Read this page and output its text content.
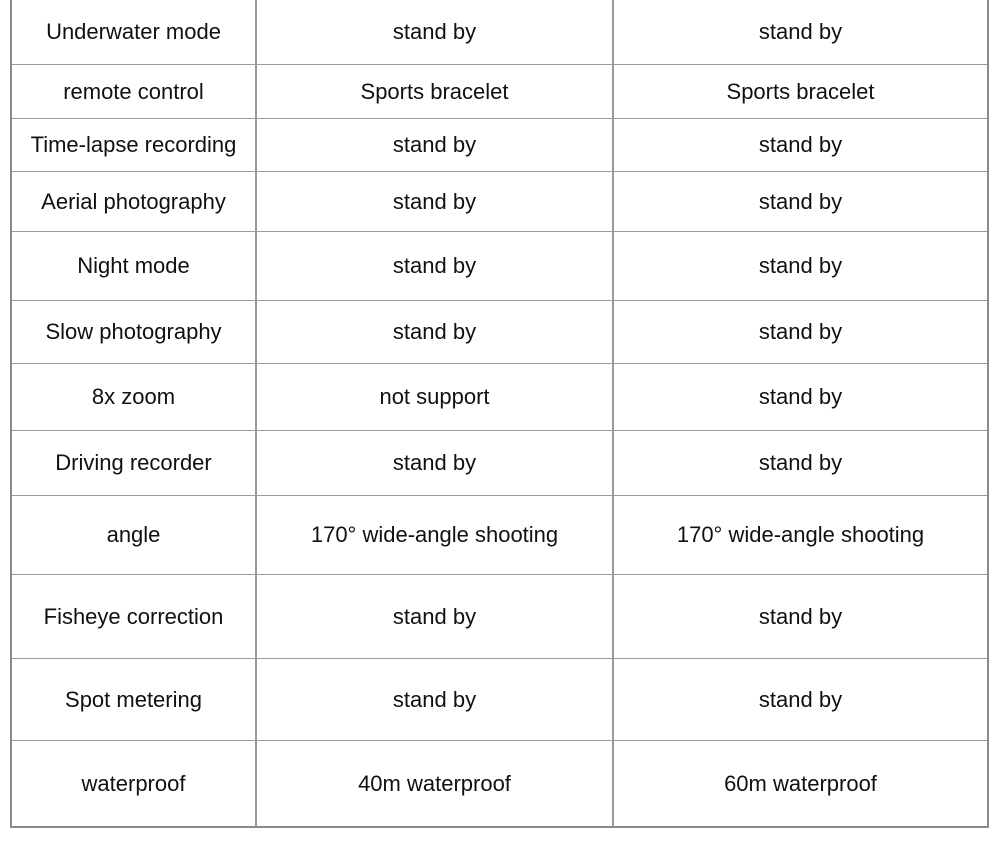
Underwater mode	stand by	stand by
remote control	Sports bracelet	Sports bracelet
Time-lapse recording	stand by	stand by
Aerial photography	stand by	stand by
Night mode	stand by	stand by
Slow photography	stand by	stand by
8x zoom	not support	stand by
Driving recorder	stand by	stand by
angle	170° wide-angle shooting	170° wide-angle shooting
Fisheye correction	stand by	stand by
Spot metering	stand by	stand by
waterproof	40m waterproof	60m waterproof
